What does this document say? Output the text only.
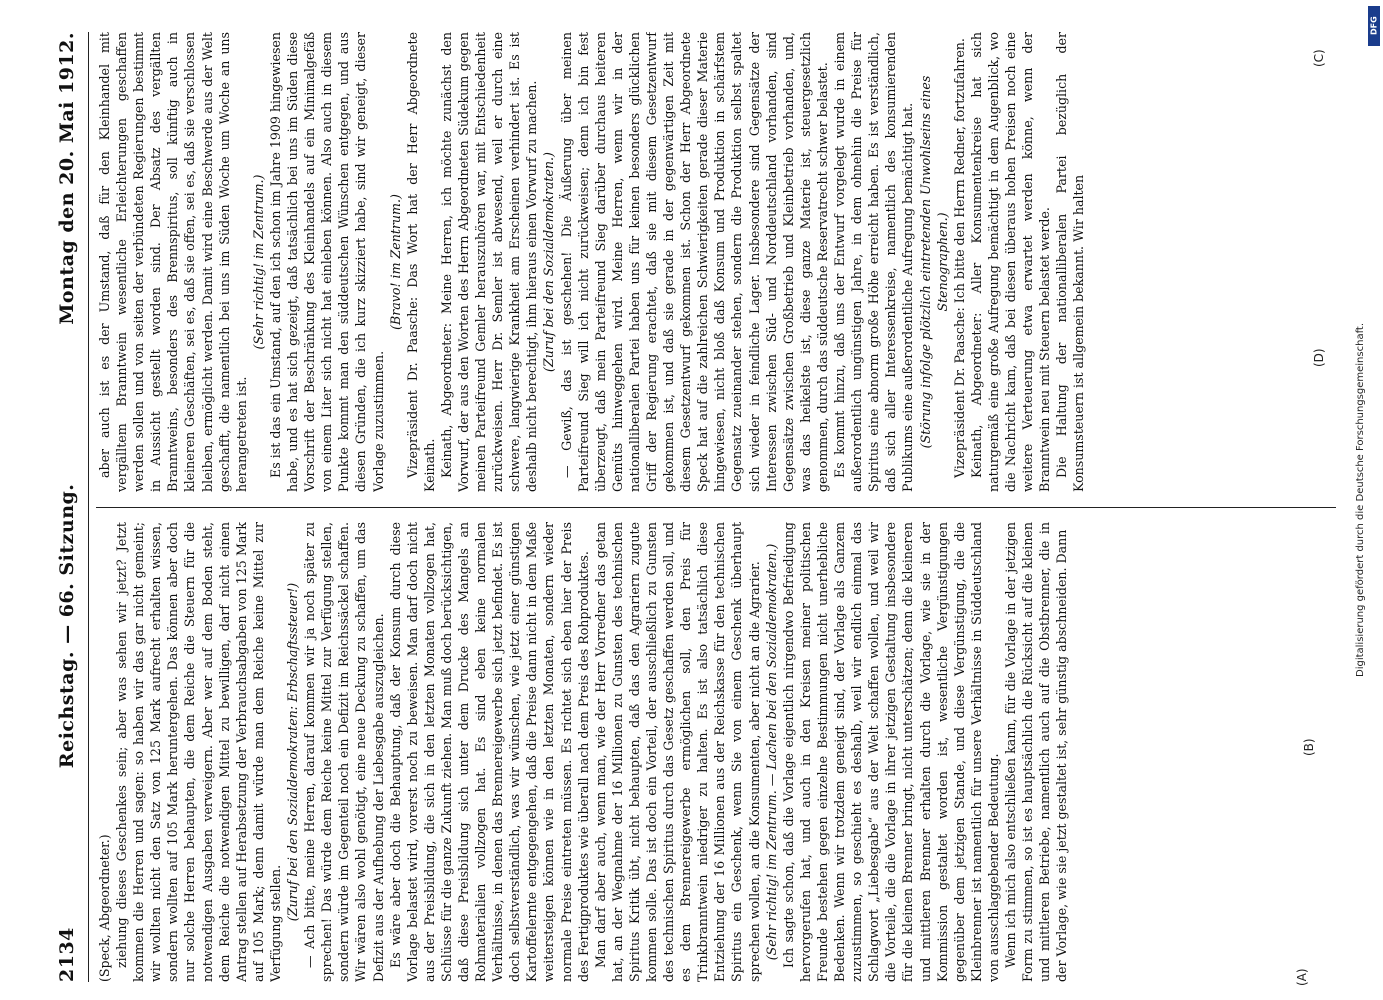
2134
Reichstag. — 66. Sitzung.
Montag den 20. Mai 1912.

(Speck, Abgeordneter.) ziehung dieses Geschenkes sein; aber was sehen wir jetzt? Jetzt kommen die Herren und sagen: so haben wir das gar nicht gemeint; wir wollten nicht den Satz von 125 Mark aufrecht erhalten wissen, sondern wollten auf 105 Mark heruntergehen. Das können aber doch nur solche Herren behaupten, die dem Reiche die Steuern für die notwendigen Ausgaben verweigern. Aber wer auf dem Boden steht, dem Reiche die notwendigen Mittel zu bewilligen, darf nicht einen Antrag stellen auf Herabsetzung der Verbrauchsabgaben von 125 Mark auf 105 Mark; denn damit würde man dem Reiche keine Mittel zur Verfügung stellen.

(Zuruf bei den Sozialdemokraten: Erbschaftssteuer!) — Ach bitte, meine Herren, darauf kommen wir ja noch später zu sprechen! Das würde dem Reiche keine Mittel zur Verfügung stellen, sondern würde im Gegenteil noch ein Defizit im Reichssäckel schaffen. Wir wären also wohl genötigt, eine neue Deckung zu schaffen, um das Defizit aus der Aufhebung der Liebesgabe auszugleichen. Es wäre aber doch die Behauptung, daß der Konsum durch diese Vorlage belastet wird, vorerst noch zu beweisen. Man darf doch nicht aus der Preisbildung, die sich in den letzten Monaten vollzogen hat, Schlüsse für die ganze Zukunft ziehen. Man muß doch berücksichtigen, daß diese Preisbildung sich unter dem Drucke des Mangels an Rohmaterialien vollzogen hat. Es sind eben keine normalen Verhältnisse, in denen das Brennereigewerbe sich jetzt befindet. Es ist doch selbstverständlich, was wir wünschen, wie jetzt einer günstigen Kartoffelernte entgegengehen, daß die Preise dann nicht in dem Maße weitersteigen können wie in den letzten Monaten, sondern wieder normale Preise eintreten müssen. Es richtet sich eben hier der Preis des Fertigproduktes wie überall nach dem Preis des Rohproduktes. Man darf aber auch, wenn man, wie der Herr Vorredner das getan hat, an der Wegnahme der 16 Millionen zu Gunsten des technischen Spiritus Kritik übt, nicht behaupten, daß das den Agrariern zugute kommen solle. Das ist doch ein Vorteil, der ausschließlich zu Gunsten des technischen Spiritus durch das Gesetz geschaffen werden soll, und es dem Brennereigewerbe ermöglichen soll, den Preis für Trinkbranntwein niedriger zu halten. Es ist also tatsächlich diese Entziehung der 16 Millionen aus der Reichskasse für den technischen Spiritus ein Geschenk, wenn Sie von einem Geschenk überhaupt sprechen wollen, an die Konsumenten, aber nicht an die Agrarier. (Sehr richtig! im Zentrum. — Lachen bei den Sozialdemokraten.) Ich sagte schon, daß die Vorlage eigentlich nirgendwo Befriedigung hervorgerufen hat, und auch in den Kreisen meiner politischen Freunde bestehen gegen einzelne Bestimmungen nicht unerhebliche Bedenken. Wenn wir trotzdem geneigt sind, der Vorlage als Ganzem zuzustimmen, so geschieht es deshalb, weil wir endlich einmal das Schlagwort „Liebesgabe“ aus der Welt schaffen wollen, und weil wir die Vorteile, die die Vorlage in ihrer jetzigen Gestaltung insbesondere für die kleinen Brenner bringt, nicht unterschätzen; denn die kleineren und mittleren Brenner erhalten durch die Vorlage, wie sie in der Kommission gestaltet worden ist, wesentliche Vergünstigungen gegenüber dem jetzigen Stande, und diese Vergünstigung, die die Kleinbrenner ist namentlich für unsere Verhältnisse in Süddeutschland von ausschlaggebender Bedeutung. Wenn ich mich also entschließen kann, für die Vorlage in der jetzigen Form zu stimmen, so ist es hauptsächlich die Rücksicht auf die kleinen und mittleren Betriebe, namentlich auch auf die Obstbrenner, die in der Vorlage, wie sie jetzt gestaltet ist, sehr günstig abschneiden. Dann

aber auch ist es der Umstand, daß für den Kleinhandel mit vergälltem Branntwein wesentliche Erleichterungen geschaffen werden sollen und von seiten der verbündeten Regierungen bestimmt in Aussicht gestellt worden sind. Der Absatz des vergällten Branntweins, besonders des Brennspiritus, soll künftig auch in kleineren Geschäften, sei es, daß sie offen, sei es, daß sie verschlossen bleiben, ermöglicht werden. Damit wird eine Beschwerde aus der Welt geschafft, die namentlich bei uns im Süden Woche um Woche an uns herangetreten ist.

(Sehr richtig! im Zentrum.) Es ist das ein Umstand, auf den ich schon im Jahre 1909 hingewiesen habe, und es hat sich gezeigt, daß tatsächlich bei uns im Süden diese Vorschrift der Beschränkung des Kleinhandels auf ein Minimalgefäß von einem Liter sich nicht hat einleben können. Also auch in diesem Punkte kommt man den süddeutschen Wünschen entgegen, und aus diesen Gründen, die ich kurz skizziert habe, sind wir geneigt, dieser Vorlage zuzustimmen.

(Bravo! im Zentrum.) Vizepräsident Dr. Paasche: Das Wort hat der Herr Abgeordnete Keinath. Keinath, Abgeordneter: Meine Herren, ich möchte zunächst den Vorwurf, der aus den Worten des Herrn Abgeordneten Südekum gegen meinen Parteifreund Gemler herauszuhören war, mit Entschiedenheit zurückweisen. Herr Dr. Semler ist abwesend, weil er durch eine schwere, langwierige Krankheit am Erscheinen verhindert ist. Es ist deshalb nicht berechtigt, ihm hieraus einen Vorwurf zu machen. (Zuruf bei den Sozialdemokraten.) — Gewiß, das ist geschehen! Die Äußerung über meinen Parteifreund Sieg will ich nicht zurückweisen; denn ich bin fest überzeugt, daß mein Parteifreund Sieg darüber durchaus heiteren Gemüts hinweggehen wird. Meine Herren, wenn wir in der nationalliberalen Partei haben uns für keinen besonders glücklichen Griff der Regierung erachtet, daß sie mit diesem Gesetzentwurf gekommen ist, und daß sie gerade in der gegenwärtigen Zeit mit diesem Gesetzentwurf gekommen ist. Schon der Herr Abgeordnete Speck hat auf die zahlreichen Schwierigkeiten gerade dieser Materie hingewiesen, nicht bloß daß Konsum und Produktion in schärfstem Gegensatz zueinander stehen, sondern die Produktion selbst spaltet sich wieder in feindliche Lager. Insbesondere sind Gegensätze der Interessen zwischen Süd- und Norddeutschland vorhanden, sind Gegensätze zwischen Großbetrieb und Kleinbetrieb vorhanden, und, was das heikelste ist, diese ganze Materie ist, steuergesetzlich genommen, durch das süddeutsche Reservatrecht schwer belastet. Es kommt hinzu, daß uns der Entwurf vorgelegt wurde in einem außerordentlich ungünstigen Jahre, in dem ohnehin die Preise für Spiritus eine abnorm große Höhe erreicht haben. Es ist verständlich, daß sich aller Interessenkreise, namentlich des konsumierenden Publikums eine außerordentliche Aufregung bemächtigt hat. (Störung infolge plötzlich eintretenden Unwohlseins eines Stenographen.) Vizepräsident Dr. Paasche: Ich bitte den Herrn Redner, fortzufahren. Keinath, Abgeordneter: Aller Konsumentenkreise hat sich naturgemäß eine große Aufregung bemächtigt in dem Augenblick, wo die Nachricht kam, daß bei diesen überaus hohen Preisen noch eine weitere Verteuerung etwa erwartet werden könne, wenn der Branntwein neu mit Steuern belastet werde. Die Haltung der nationalliberalen Partei bezüglich der Konsumsteuern ist allgemein bekannt. Wir halten

(A)
(B)
(C)
(D)
DFG
Digitalisierung gefördert durch die Deutsche Forschungsgemeinschaft.
